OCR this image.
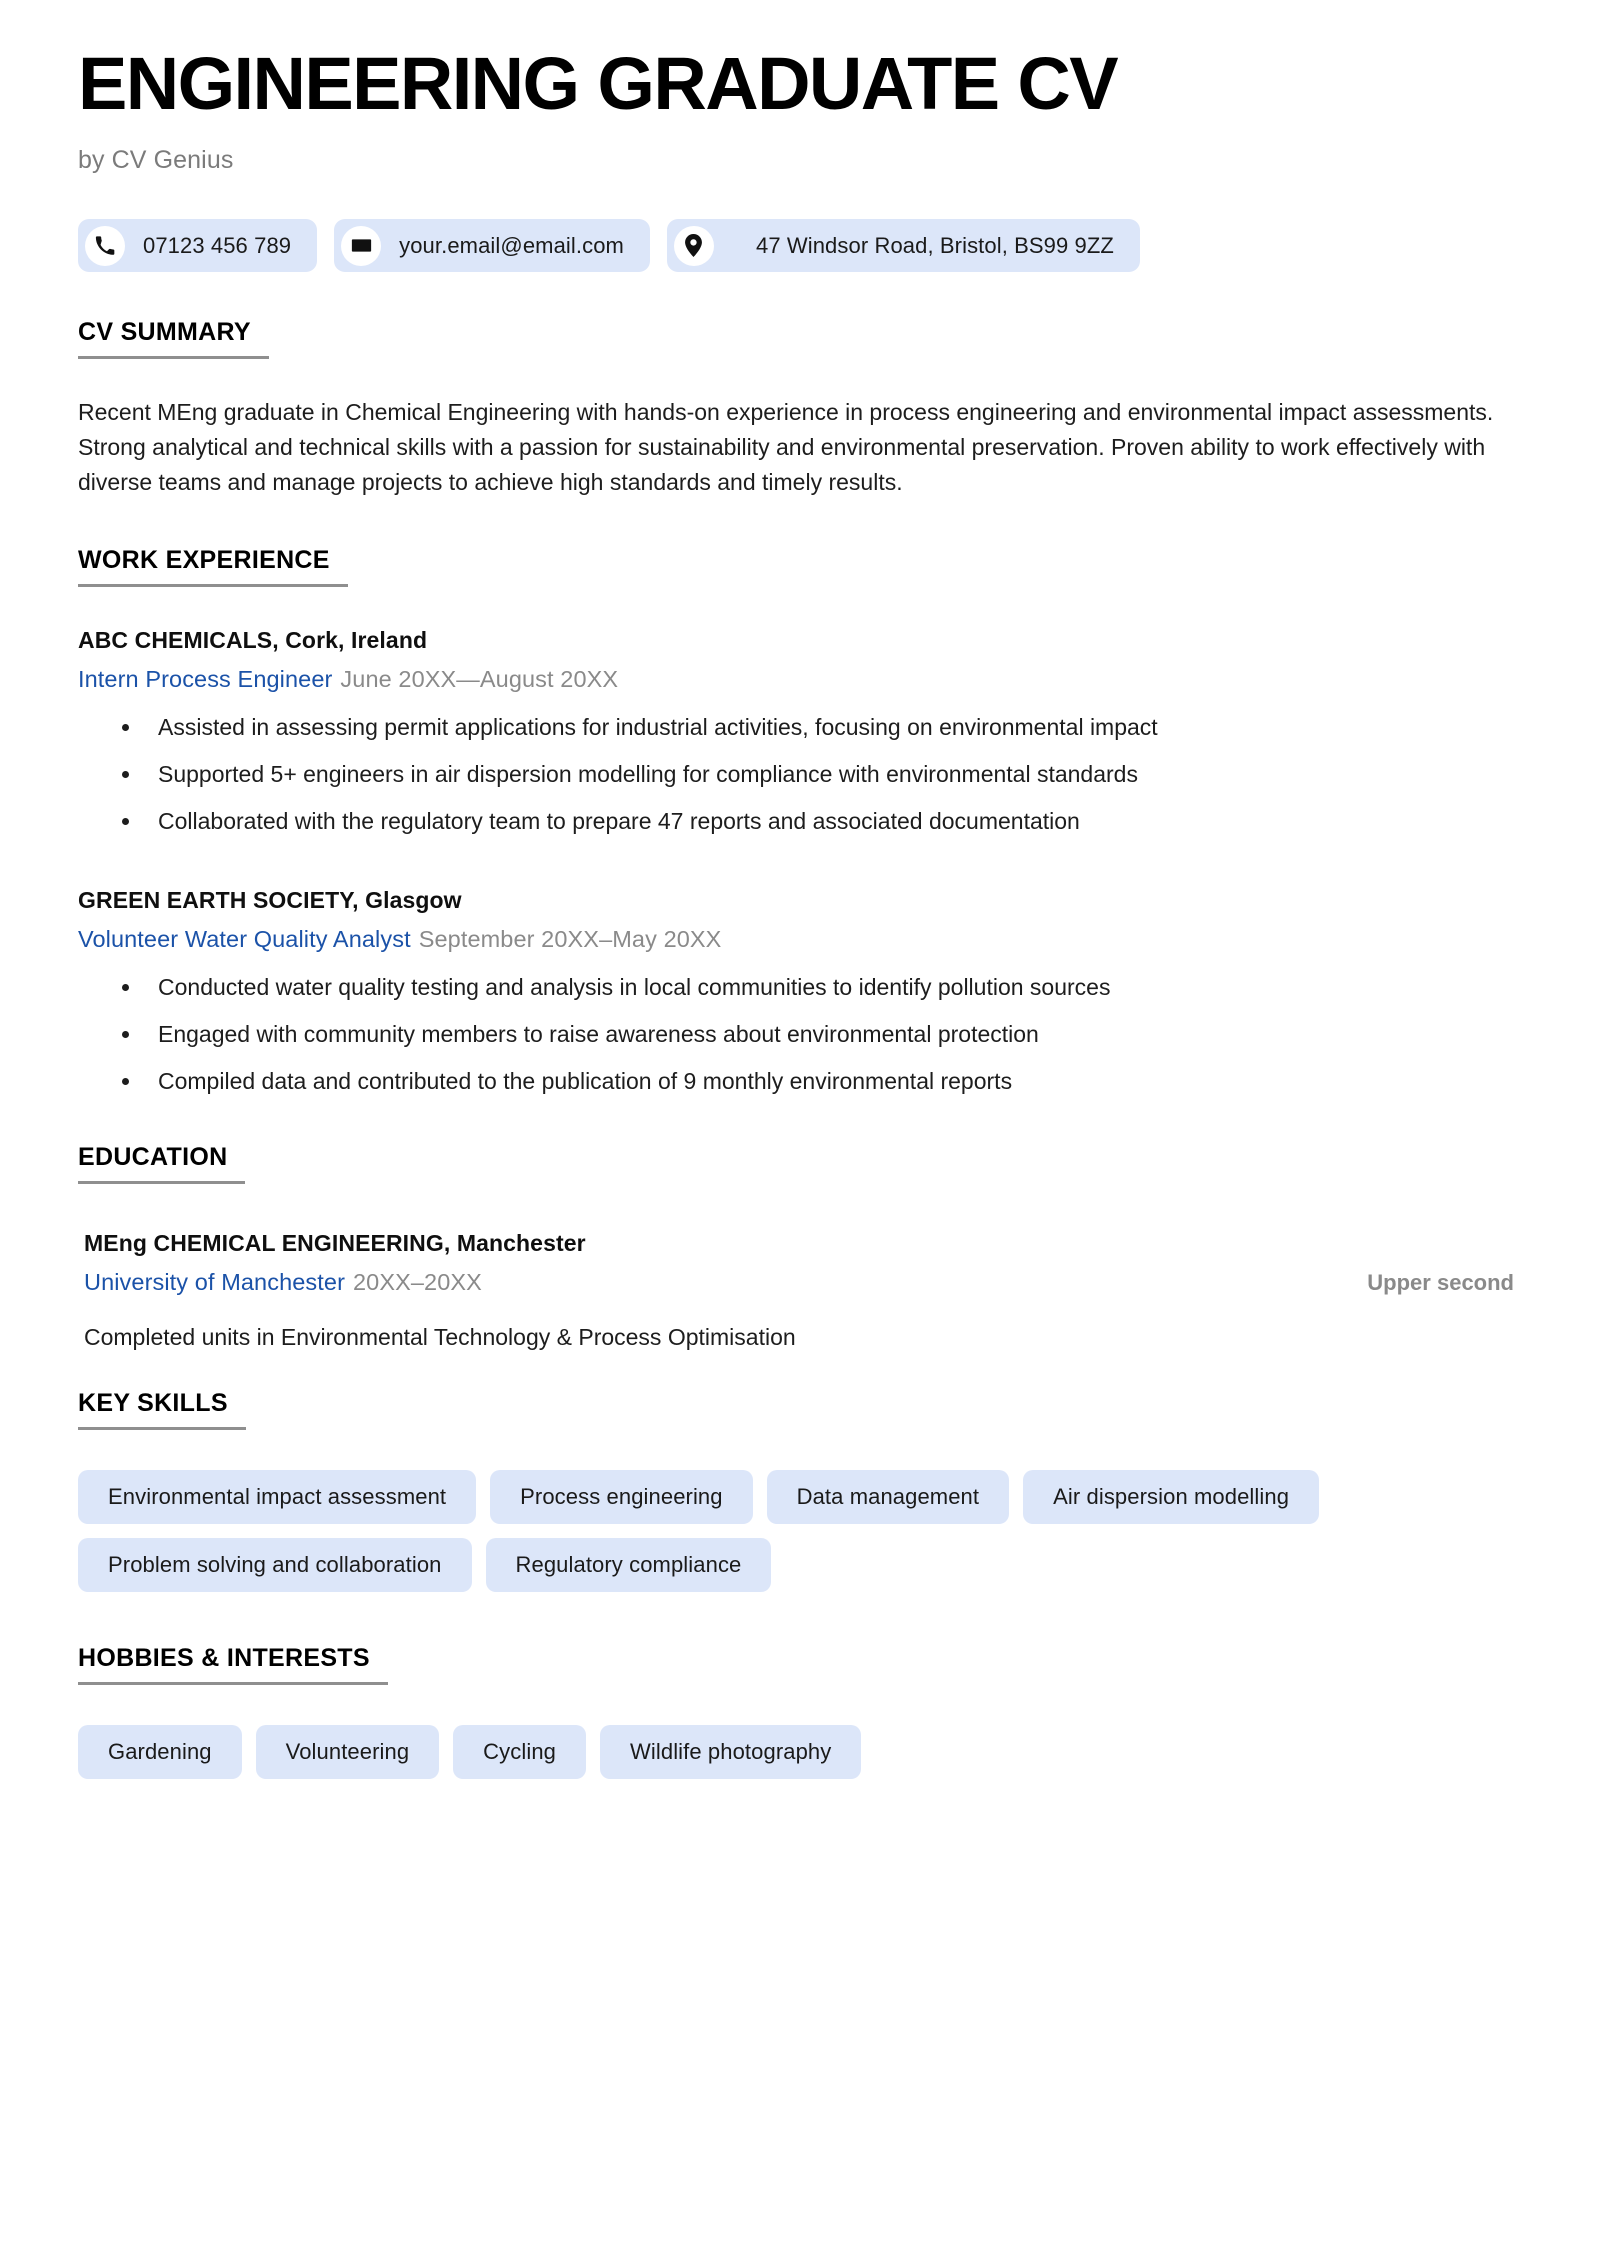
ENGINEERING GRADUATE CV
by CV Genius
07123 456 789	your.email@email.com	47 Windsor Road, Bristol, BS99 9ZZ
CV SUMMARY

Recent MEng graduate in Chemical Engineering with hands-on experience in process engineering and environmental impact assessments. Strong analytical and technical skills with a passion for sustainability and environmental preservation. Proven ability to work effectively with diverse teams and manage projects to achieve high standards and timely results.

WORK EXPERIENCE
ABC CHEMICALS, Cork, Ireland
Intern Process Engineer June 20XX—August 20XX
Assisted in assessing permit applications for industrial activities, focusing on environmental impact
Supported 5+ engineers in air dispersion modelling for compliance with environmental standards
Collaborated with the regulatory team to prepare 47 reports and associated documentation
GREEN EARTH SOCIETY, Glasgow
Volunteer Water Quality Analyst September 20XX–May 20XX
Conducted water quality testing and analysis in local communities to identify pollution sources
Engaged with community members to raise awareness about environmental protection
Compiled data and contributed to the publication of 9 monthly environmental reports
EDUCATION
MEng CHEMICAL ENGINEERING, Manchester
University of Manchester 20XX–20XX	Upper second
Completed units in Environmental Technology & Process Optimisation
KEY SKILLS
Environmental impact assessment	Process engineering	Data management	Air dispersion modelling
Problem solving and collaboration	Regulatory compliance
HOBBIES & INTERESTS
Gardening	Volunteering	Cycling	Wildlife photography
